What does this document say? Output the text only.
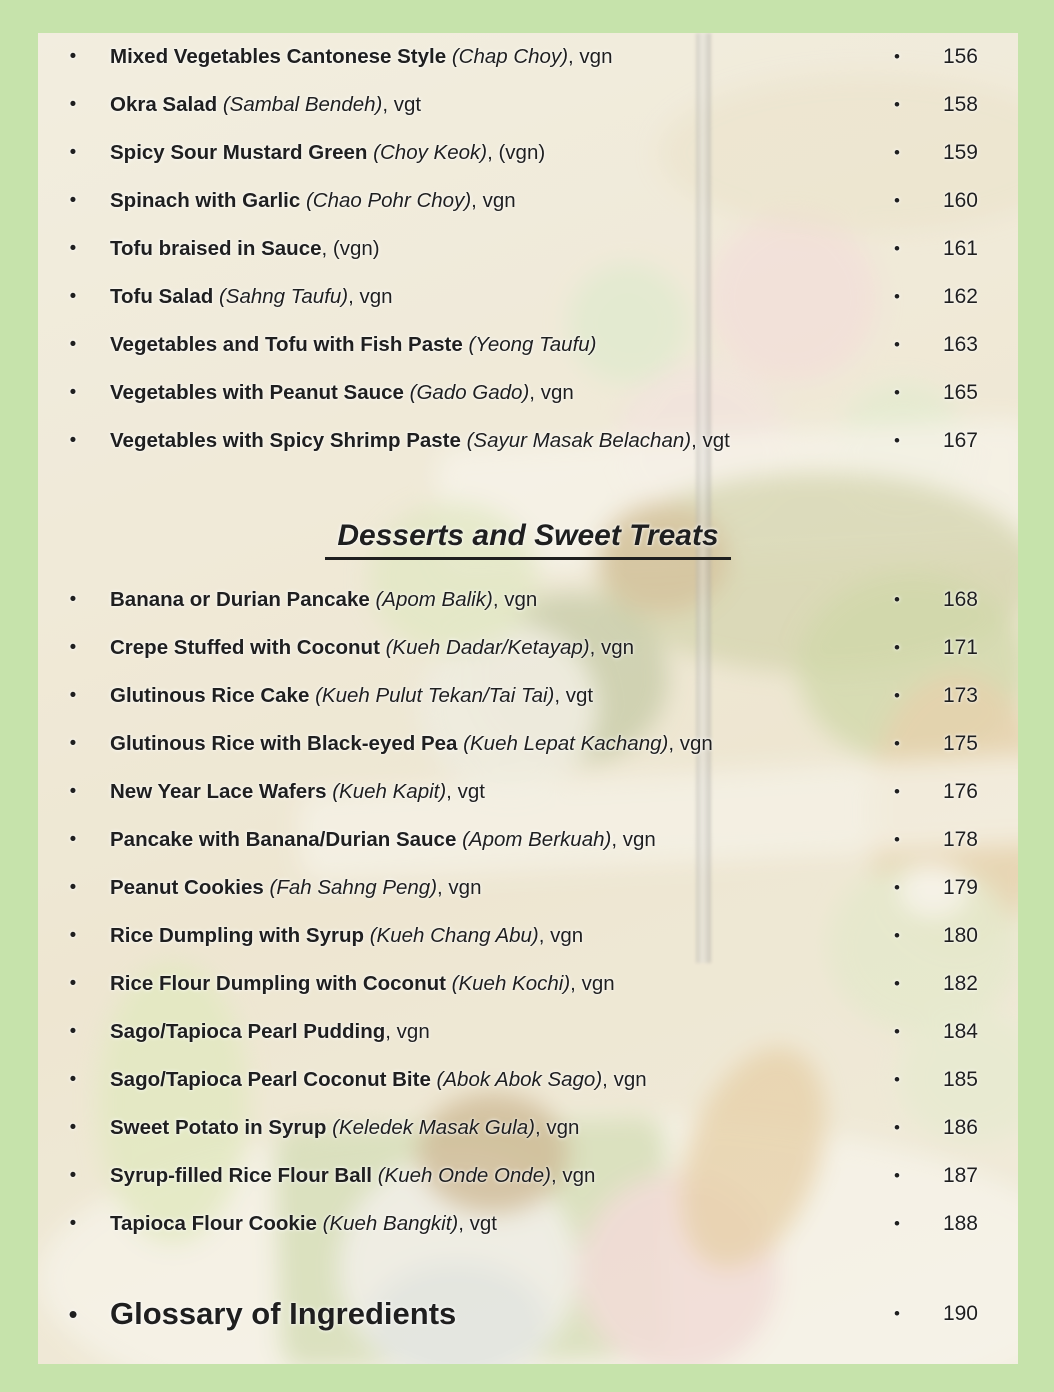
•	Mixed Vegetables Cantonese Style (Chap Choy), vgn	•	156
•	Okra Salad (Sambal Bendeh), vgt	•	158
•	Spicy Sour Mustard Green (Choy Keok), (vgn)	•	159
•	Spinach with Garlic (Chao Pohr Choy), vgn	•	160
•	Tofu braised in Sauce, (vgn)	•	161
•	Tofu Salad (Sahng Taufu), vgn	•	162
•	Vegetables and Tofu with Fish Paste (Yeong Taufu)	•	163
•	Vegetables with Peanut Sauce (Gado Gado), vgn	•	165
•	Vegetables with Spicy Shrimp Paste (Sayur Masak Belachan), vgt	•	167
Desserts and Sweet Treats
•	Banana or Durian Pancake (Apom Balik), vgn	•	168
•	Crepe Stuffed with Coconut (Kueh Dadar/Ketayap), vgn	•	171
•	Glutinous Rice Cake (Kueh Pulut Tekan/Tai Tai), vgt	•	173
•	Glutinous Rice with Black-eyed Pea (Kueh Lepat Kachang), vgn	•	175
•	New Year Lace Wafers (Kueh Kapit), vgt	•	176
•	Pancake with Banana/Durian Sauce (Apom Berkuah), vgn	•	178
•	Peanut Cookies (Fah Sahng Peng), vgn	•	179
•	Rice Dumpling with Syrup (Kueh Chang Abu), vgn	•	180
•	Rice Flour Dumpling with Coconut (Kueh Kochi), vgn	•	182
•	Sago/Tapioca Pearl Pudding, vgn	•	184
•	Sago/Tapioca Pearl Coconut Bite (Abok Abok Sago), vgn	•	185
•	Sweet Potato in Syrup (Keledek Masak Gula), vgn	•	186
•	Syrup-filled Rice Flour Ball (Kueh Onde Onde), vgn	•	187
•	Tapioca Flour Cookie (Kueh Bangkit), vgt	•	188
•	Glossary of Ingredients	•	190
